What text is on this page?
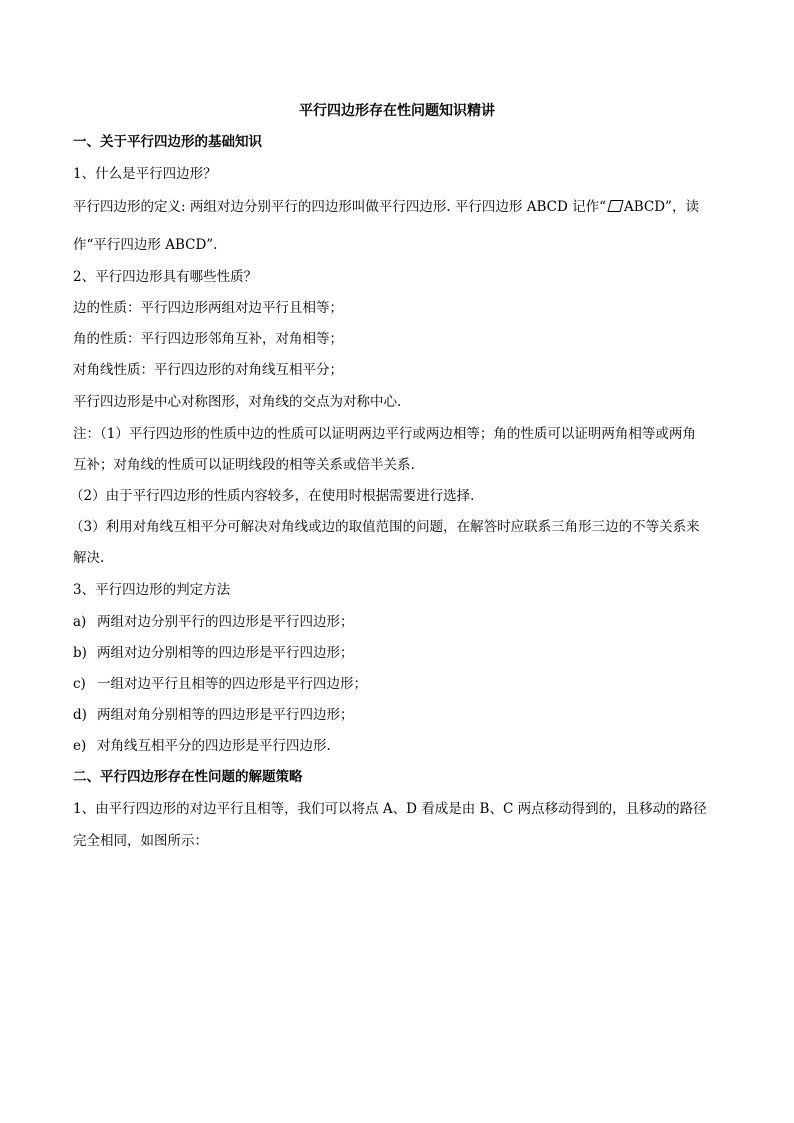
平行四边形存在性问题知识精讲
一、关于平行四边形的基础知识
1、什么是平行四边形？
平行四边形的定义: 两组对边分别平行的四边形叫做平行四边形. 平行四边形 ABCD 记作“ ABCD”，读
作“平行四边形 ABCD”.
2、平行四边形具有哪些性质？
边的性质：平行四边形两组对边平行且相等；
角的性质：平行四边形邻角互补，对角相等；
对角线性质：平行四边形的对角线互相平分；
平行四边形是中心对称图形，对角线的交点为对称中心.
注：（1）平行四边形的性质中边的性质可以证明两边平行或两边相等；角的性质可以证明两角相等或两角
互补；对角线的性质可以证明线段的相等关系或倍半关系.
（2）由于平行四边形的性质内容较多，在使用时根据需要进行选择.
（3）利用对角线互相平分可解决对角线或边的取值范围的问题，在解答时应联系三角形三边的不等关系来
解决.
3、平行四边形的判定方法
a) 两组对边分别平行的四边形是平行四边形；
b) 两组对边分别相等的四边形是平行四边形；
c) 一组对边平行且相等的四边形是平行四边形；
d) 两组对角分别相等的四边形是平行四边形；
e) 对角线互相平分的四边形是平行四边形.
二、平行四边形存在性问题的解题策略
1、由平行四边形的对边平行且相等，我们可以将点 A、D 看成是由 B、C 两点移动得到的，且移动的路径
完全相同，如图所示：
